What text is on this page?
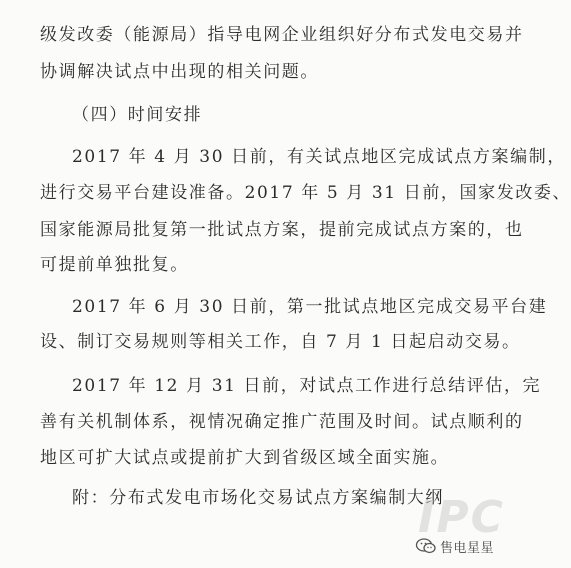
级发改委（能源局）指导电网企业组织好分布式发电交易并
协调解决试点中出现的相关问题。
（四）时间安排
2017 年 4 月 30 日前，有关试点地区完成试点方案编制，
进行交易平台建设准备。2017 年 5 月 31 日前，国家发改委、
国家能源局批复第一批试点方案，提前完成试点方案的，也
可提前单独批复。
2017 年 6 月 30 日前，第一批试点地区完成交易平台建
设、制订交易规则等相关工作，自 7 月 1 日起启动交易。
2017 年 12 月 31 日前，对试点工作进行总结评估，完
善有关机制体系，视情况确定推广范围及时间。试点顺利的
地区可扩大试点或提前扩大到省级区域全面实施。
附：分布式发电市场化交易试点方案编制大纲
IPC
售电星星
